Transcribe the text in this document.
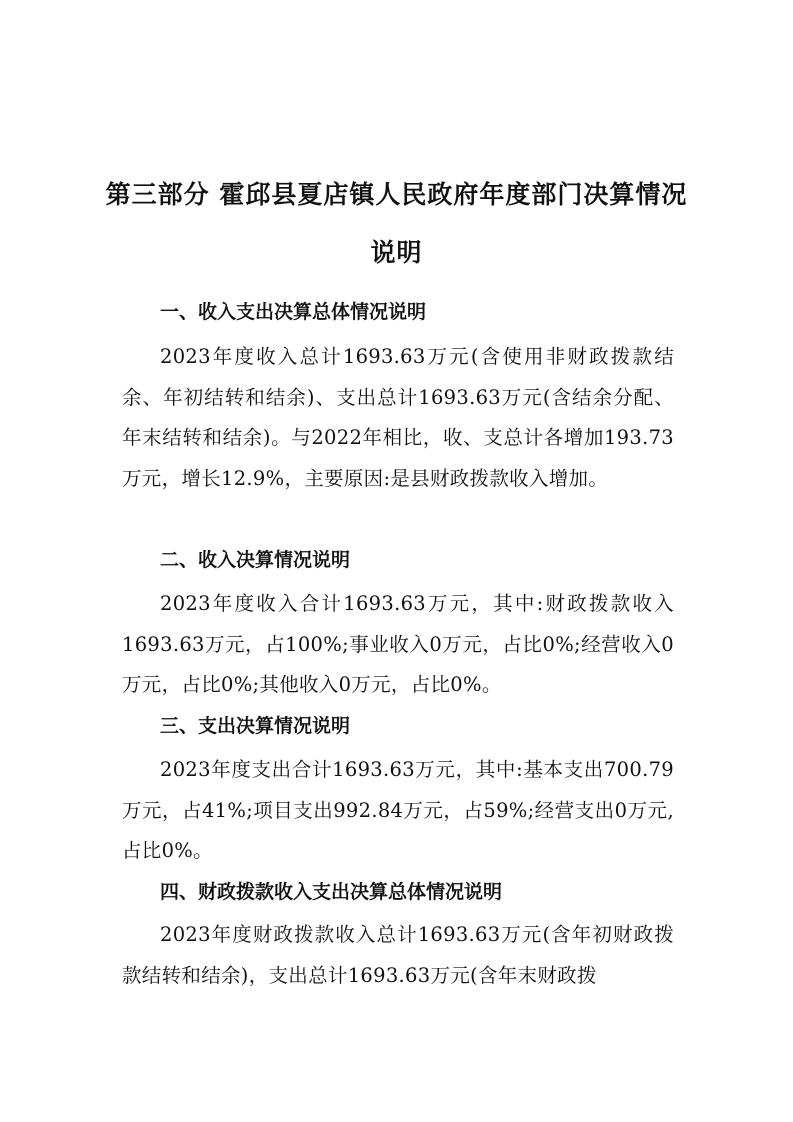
第三部分 霍邱县夏店镇人民政府年度部门决算情况
说明
一、收入支出决算总体情况说明

2023年度收入总计1693.63万元(含使用非财政拨款结余、年初结转和结余)、支出总计1693.63万元(含结余分配、年末结转和结余)。与2022年相比，收、支总计各增加193.73万元，增长12.9%，主要原因:是县财政拨款收入增加。

二、收入决算情况说明

2023年度收入合计1693.63万元，其中:财政拨款收入1693.63万元，占100%;事业收入0万元，占比0%;经营收入0万元，占比0%;其他收入0万元，占比0%。

三、支出决算情况说明

2023年度支出合计1693.63万元，其中:基本支出700.79万元，占41%;项目支出992.84万元，占59%;经营支出0万元,占比0%。

四、财政拨款收入支出决算总体情况说明

2023年度财政拨款收入总计1693.63万元(含年初财政拨款结转和结余)，支出总计1693.63万元(含年末财政拨
